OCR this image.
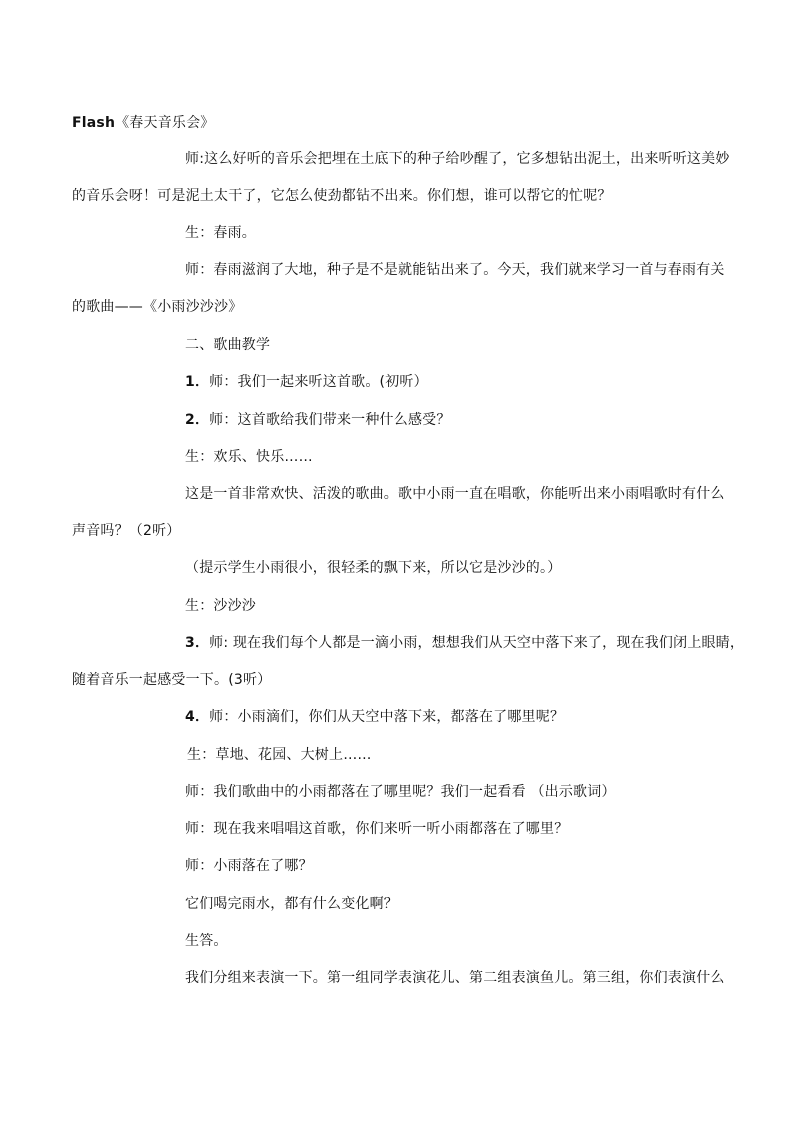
Flash《春天音乐会》
师:这么好听的音乐会把埋在土底下的种子给吵醒了，它多想钻出泥土，出来听听这美妙
的音乐会呀！可是泥土太干了，它怎么使劲都钻不出来。你们想，谁可以帮它的忙呢？
生：春雨。
师：春雨滋润了大地，种子是不是就能钻出来了。今天，我们就来学习一首与春雨有关
的歌曲——《小雨沙沙沙》
二、歌曲教学
1．师：我们一起来听这首歌。(初听）
2．师：这首歌给我们带来一种什么感受？
生：欢乐、快乐……
这是一首非常欢快、活泼的歌曲。歌中小雨一直在唱歌，你能听出来小雨唱歌时有什么
声音吗？（2听）
（提示学生小雨很小，很轻柔的飘下来，所以它是沙沙的。）
生：沙沙沙
3．师: 现在我们每个人都是一滴小雨，想想我们从天空中落下来了，现在我们闭上眼睛，
随着音乐一起感受一下。(3听）
4．师：小雨滴们，你们从天空中落下来，都落在了哪里呢？
生：草地、花园、大树上……
师：我们歌曲中的小雨都落在了哪里呢？我们一起看看 （出示歌词）
师：现在我来唱唱这首歌，你们来听一听小雨都落在了哪里？
师：小雨落在了哪？
它们喝完雨水，都有什么变化啊？
生答。
我们分组来表演一下。第一组同学表演花儿、第二组表演鱼儿。第三组，你们表演什么
